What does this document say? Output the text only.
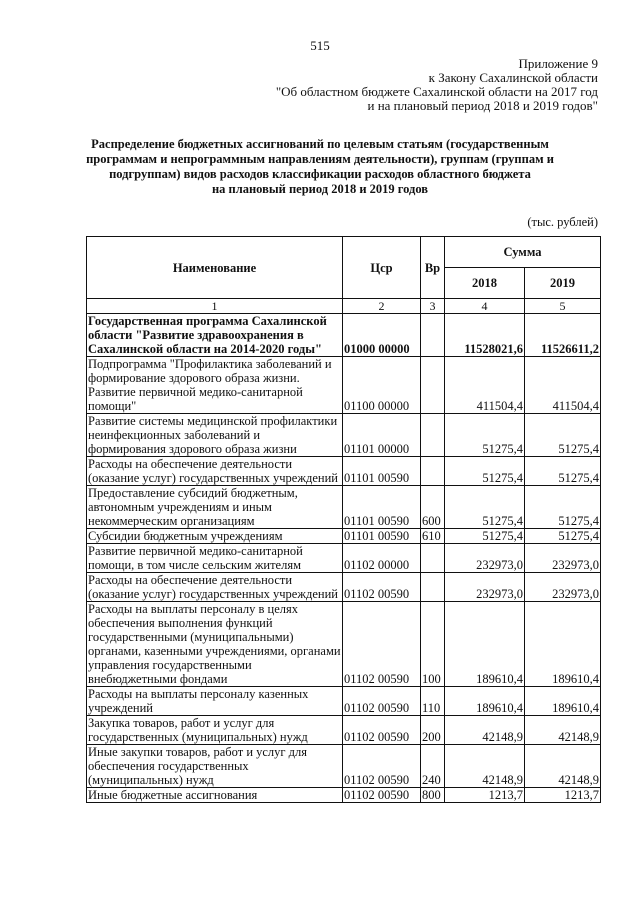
515
Приложение 9
к Закону Сахалинской области
"Об областном бюджете Сахалинской области на 2017 год
и на плановый период 2018 и 2019 годов"
Распределение бюджетных ассигнований по целевым статьям (государственным
программам и непрограммным направлениям деятельности), группам (группам и
подгруппам) видов расходов классификации расходов областного бюджета
на плановый период 2018 и 2019 годов
(тыс. рублей)
Наименование	Цср	Вр	Сумма	
			2018	2019
1	2	3	4	5
Государственная программа Сахалинской области "Развитие здравоохранения в Сахалинской области на 2014-2020 годы"	01000 00000		11528021,6	11526611,2
Подпрограмма "Профилактика заболеваний и формирование здорового образа жизни. Развитие первичной медико-санитарной помощи"	01100 00000		411504,4	411504,4
Развитие системы медицинской профилактики неинфекционных заболеваний и формирования здорового образа жизни	01101 00000		51275,4	51275,4
Расходы на обеспечение деятельности (оказание услуг) государственных учреждений	01101 00590		51275,4	51275,4
Предоставление субсидий бюджетным, автономным учреждениям и иным некоммерческим организациям	01101 00590	600	51275,4	51275,4
Субсидии бюджетным учреждениям	01101 00590	610	51275,4	51275,4
Развитие первичной медико-санитарной помощи, в том числе сельским жителям	01102 00000		232973,0	232973,0
Расходы на обеспечение деятельности (оказание услуг) государственных учреждений	01102 00590		232973,0	232973,0
Расходы на выплаты персоналу в целях обеспечения выполнения функций государственными (муниципальными) органами, казенными учреждениями, органами управления государственными внебюджетными фондами	01102 00590	100	189610,4	189610,4
Расходы на выплаты персоналу казенных учреждений	01102 00590	110	189610,4	189610,4
Закупка товаров, работ и услуг для государственных (муниципальных) нужд	01102 00590	200	42148,9	42148,9
Иные закупки товаров, работ и услуг для обеспечения государственных (муниципальных) нужд	01102 00590	240	42148,9	42148,9
Иные бюджетные ассигнования	01102 00590	800	1213,7	1213,7
